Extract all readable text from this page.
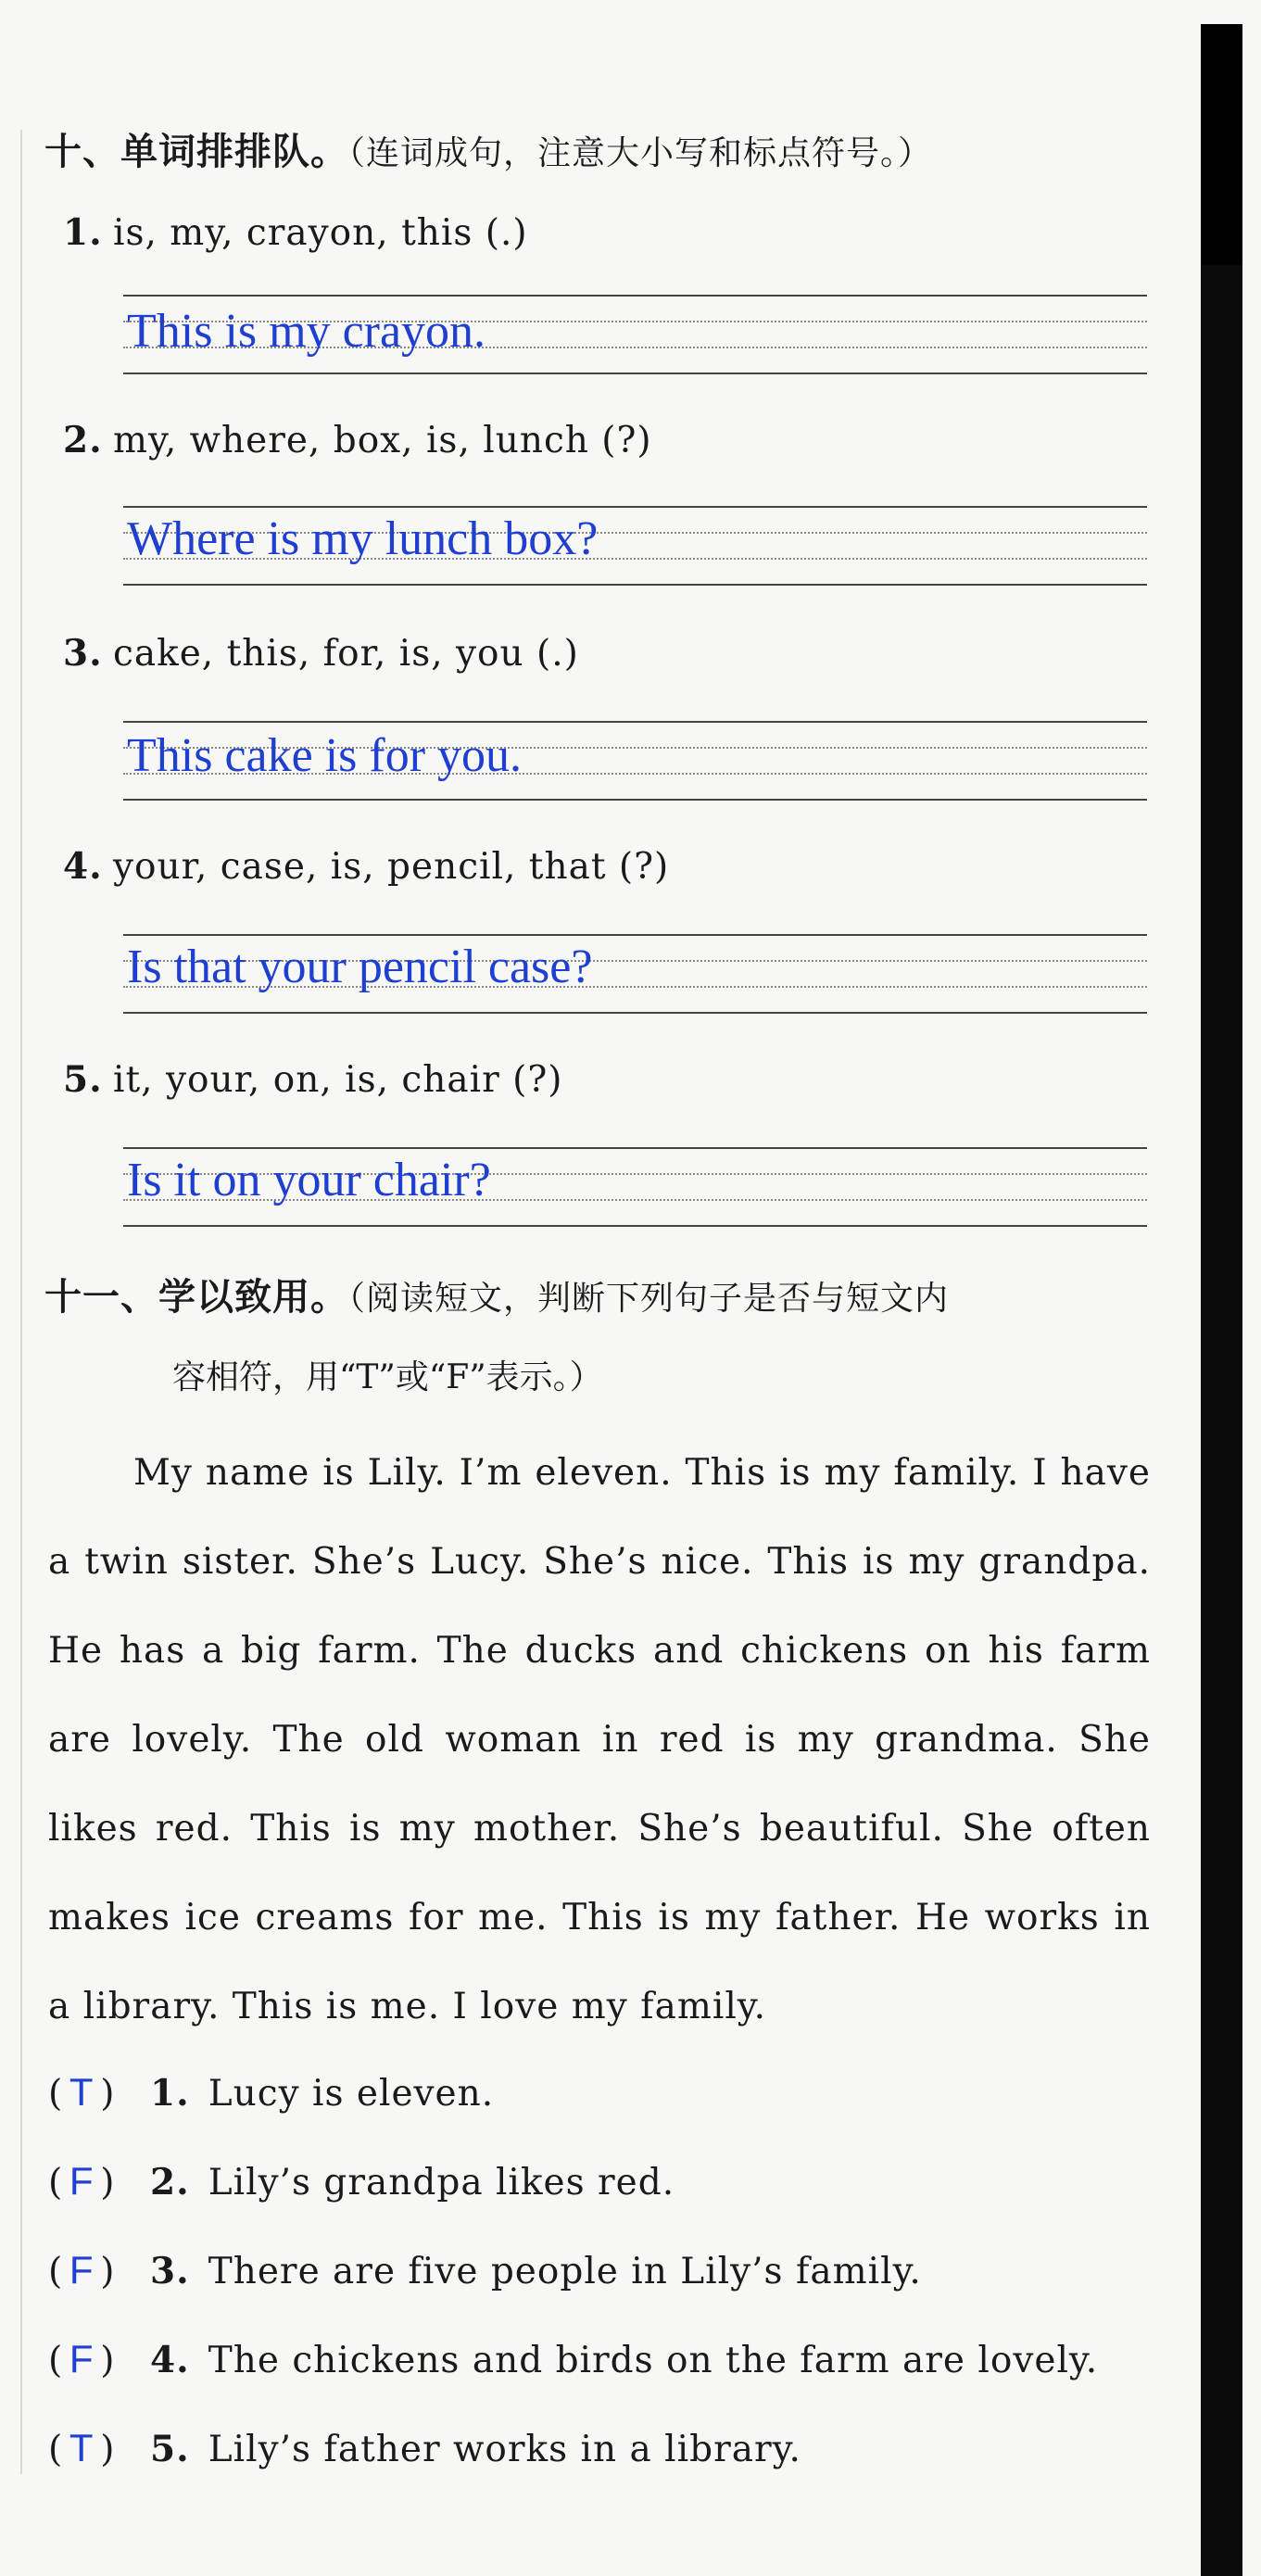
十、单词排排队。（连词成句，注意大小写和标点符号。）
1. is, my, crayon, this (.)
This is my crayon.
2. my, where, box, is, lunch (?)
Where is my lunch box?
3. cake, this, for, is, you (.)
This cake is for you.
4. your, case, is, pencil, that (?)
Is that your pencil case?
5. it, your, on, is, chair (?)
Is it on your chair?
十一、学以致用。（阅读短文，判断下列句子是否与短文内
容相符，用“T”或“F”表示。）
My name is Lily. I’m eleven. This is my family. I have a twin sister. She’s Lucy. She’s nice. This is my grandpa. He has a big farm. The ducks and chickens on his farm are lovely. The old woman in red is my grandma. She likes red. This is my mother. She’s beautiful. She often makes ice creams for me. This is my father. He works in a library. This is me. I love my family.
( T ) 1. Lucy is eleven.
( F ) 2. Lily’s grandpa likes red.
( F ) 3. There are five people in Lily’s family.
( F ) 4. The chickens and birds on the farm are lovely.
( T ) 5. Lily’s father works in a library.
